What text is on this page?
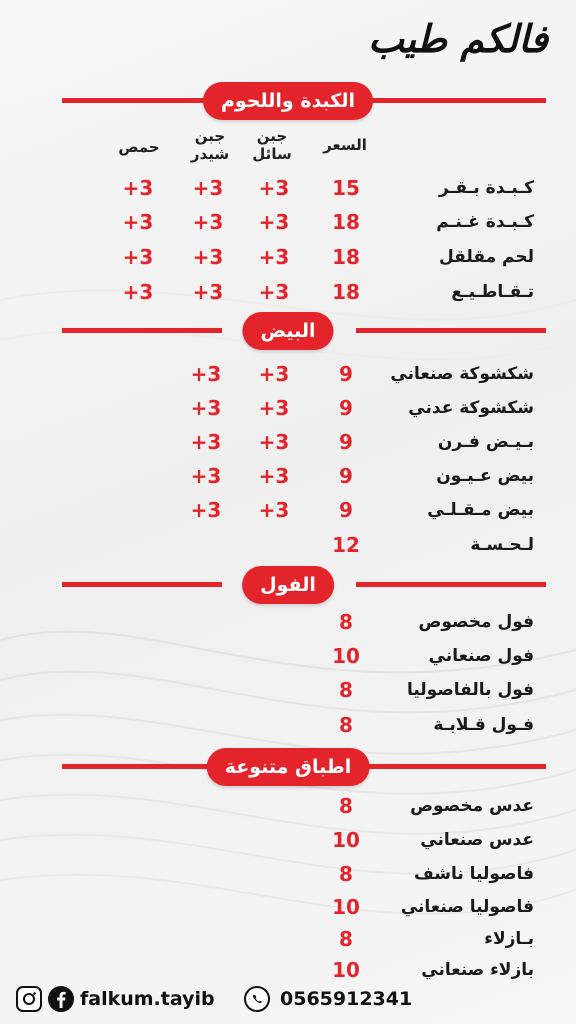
فالكم طيب
الكبدة واللحوم
السعر
جبن
سائل
جبن
شيدر
حمص
كـبـدة بـقـر
15
+3
+3
+3
كـبـدة غـنـم
18
+3
+3
+3
لحم مقلقل
18
+3
+3
+3
تـقـاطـيـع
18
+3
+3
+3
البيض
شكشوكة صنعاني
9
+3
+3
شكشوكة عدني
9
+3
+3
بـيـض فـرن
9
+3
+3
بيض عـيـون
9
+3
+3
بيض مـقـلـي
9
+3
+3
لـحـسـة
12
الفول
فول مخصوص
8
فول صنعاني
10
فول بالفاصوليا
8
فـول قـلابـة
8
اطباق متنوعة
عدس مخصوص
8
عدس صنعاني
10
فاصوليا ناشف
8
فاصوليا صنعاني
10
بـازلاء
8
بازلاء صنعاني
10
falkum.tayib	0565912341
